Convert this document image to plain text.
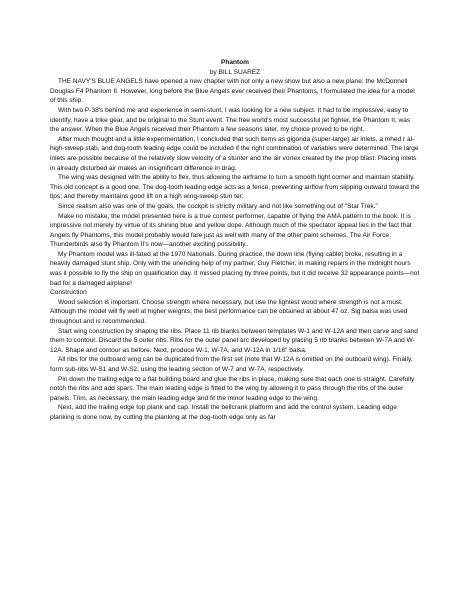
Phantom

by BILL SUAREZ

THE NAVY'S BLUE ANGELS have opened a new chapter with not only a new show but also a new plane: the McDonnell Douglas F4 Phantom II. However, long before the Blue Angels ever received their Phantoms, I formulated the idea for a model of this ship.

With two P-38's behind me and experience in semi-stunt, I was looking for a new subject. It had to be impressive, easy to identify, have a trike gear, and be original to the Stunt event. The free world's most successful jet fighter, the Phantom II, was the answer. When the Blue Angels received their Phantom a few seasons later, my choice proved to be right.

After much thought and a little experimentation, I concluded that such items as gigonda (super-large) air inlets, a mhed r al-high-sweep stab, and dog-tooth leading edge could be included if the right combination of variables were determined. The large inlets are possible because of the relatively slow velocity of a stunter and the air vortex created by the prop blast. Placing inlets in already disturbed air makes an insignificant difference in drag.

The wing was designed with the ability to flex, thus allowing the airframe to turn a smooth tight corner and maintain stability. This old concept is a good one. The dog-tooth leading edge acts as a fence, preventing airflow from slipping outward toward the tips, and thereby maintains good lift on a high wing-sweep stun ter.

Since realism also was one of the goals, the cockpit is strictly military and not like something out of "Star Trek."

Make no mistake, the model presented here is a true contest performer, capable of flying the AMA pattern to the book. It is impressive not merely by virtue of its shining blue and yellow dope. Although much of the spectator appeal lies in the fact that Angels fly Phantoms, this model probably would fare just as well with many of the other paint schemes. The Air Force Thunderbirds also fly Phantom II's now—another exciting possibility..

My Phantom model was ill-fated at the 1970 Nationals. During practice, the down line (flying cable) broke, resulting in a heavily damaged stunt ship. Only with the unending help of my partner, Guy Fletcher, in making repairs in the midnight hours was it possible to fly the ship on qualification day. It missed placing by three points, but it did receive 32 appearance points—not bad for a damaged airplane!

Construction

Wood selection is important. Choose strength where necessary, but use the lightest wood where strength is not a must. Although the model will fly well at higher weights, the best performance can be obtained at about 47 oz. Sig balsa was used throughout and is recommended.

Start wing construction by shaping the ribs. Place 11 rib blanks between templates W-1 and W-12A and then carve and sand them to contour. Discard the 5 outer ribs. Ribs for the outer panel arc developed by placing 5 rib blanks between W-7A and W-12A. Shape and contour as before. Next, produce W-1, W-7A, and W-12A in 1/16" balsa.

All ribs for the outboard wing can be duplicated from the first set (note that W-12A is omitted on the outboard wing). Finally, form sub-ribs W-S1 and W-S2, using the leading section of W-7 and W-7A, respectively.

Pin down the trailing edge to a flat building board and glue the ribs in place, making sure that each one is straight. Carefully notch the ribs and add spars. The main leading edge is fitted to the wing by allowing it to pass through the ribs of the outer panels. Trim, as necessary, the main leading edge and fit the minor leading edge to the wing.

Next, add the trailing edge top plank and cap. Install the bellcrank platform and add the control system. Leading edge planking is done now, by cutting the planking at the dog-tooth edge only as far
